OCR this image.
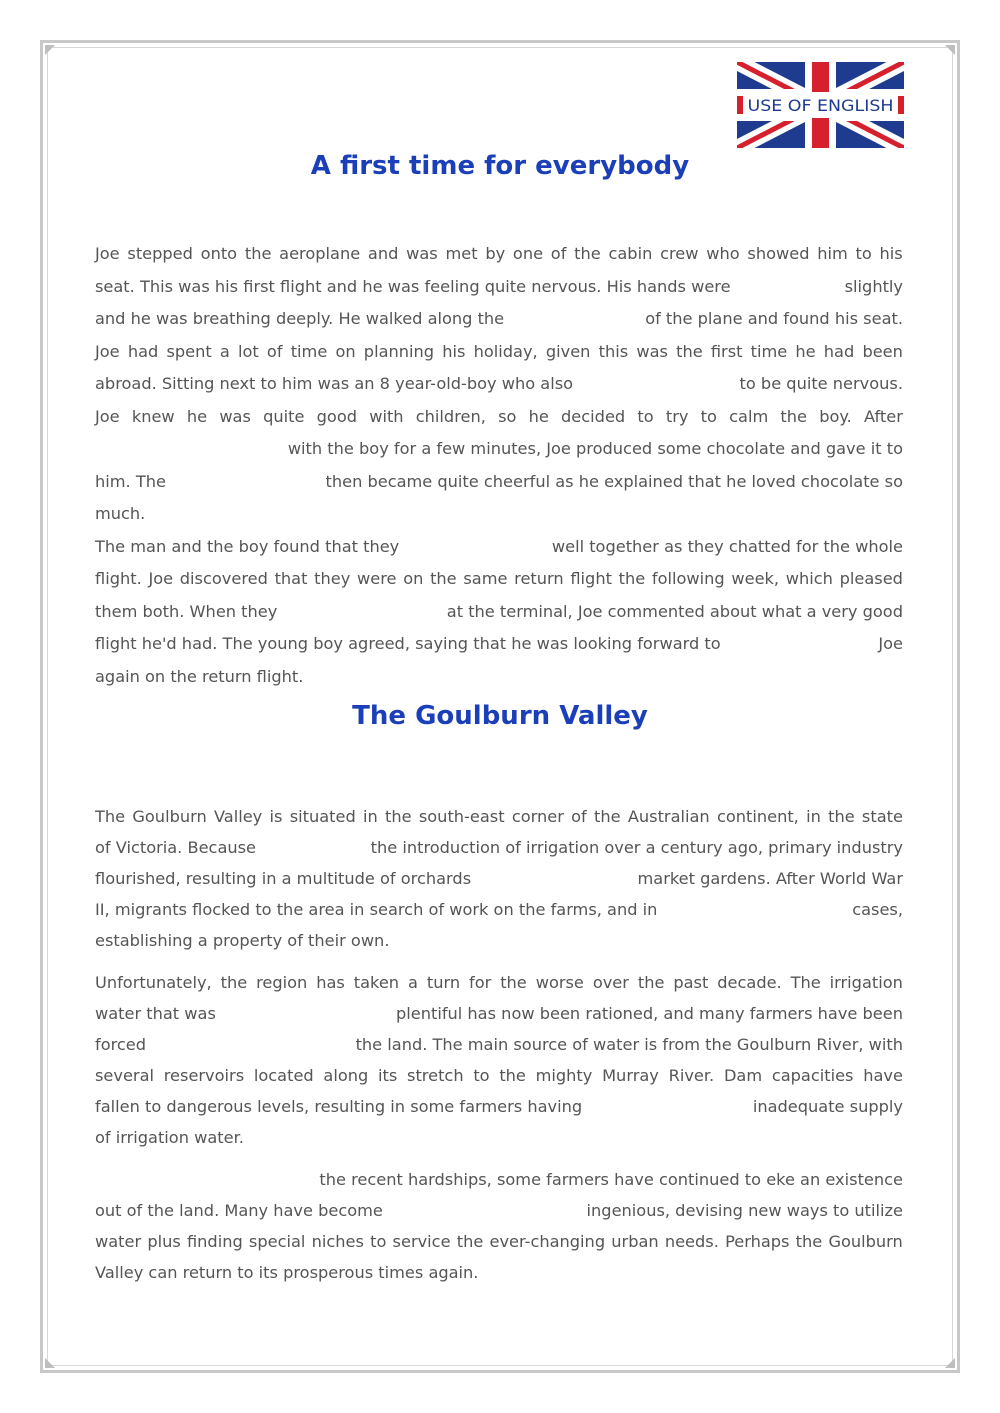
USE OF ENGLISH
A first time for everybody
Joe stepped onto the aeroplane and was met by one of the cabin crew who showed him to his
seat. This was his first flight and he was feeling quite nervous. His hands were	slightly
and he was breathing deeply. He walked along the	of the plane and found his seat.
Joe had spent a lot of time on planning his holiday, given this was the first time he had been
abroad. Sitting next to him was an 8 year-old-boy who also	to be quite nervous.
Joe knew he was quite good with children, so he decided to try to calm the boy. After
with the boy for a few minutes, Joe produced some chocolate and gave it to
him. The	then became quite cheerful as he explained that he loved chocolate so
much.
The man and the boy found that they	well together as they chatted for the whole
flight. Joe discovered that they were on the same return flight the following week, which pleased
them both. When they	at the terminal, Joe commented about what a very good
flight he'd had. The young boy agreed, saying that he was looking forward to	Joe
again on the return flight.
The Goulburn Valley
The Goulburn Valley is situated in the south-east corner of the Australian continent, in the state
of Victoria. Because	the introduction of irrigation over a century ago, primary industry
flourished, resulting in a multitude of orchards	market gardens. After World War
II, migrants flocked to the area in search of work on the farms, and in	cases,
establishing a property of their own.
Unfortunately, the region has taken a turn for the worse over the past decade. The irrigation
water that was	plentiful has now been rationed, and many farmers have been
forced	the land. The main source of water is from the Goulburn River, with
several reservoirs located along its stretch to the mighty Murray River. Dam capacities have
fallen to dangerous levels, resulting in some farmers having	inadequate supply
of irrigation water.
the recent hardships, some farmers have continued to eke an existence
out of the land. Many have become	ingenious, devising new ways to utilize
water plus finding special niches to service the ever-changing urban needs. Perhaps the Goulburn
Valley can return to its prosperous times again.
